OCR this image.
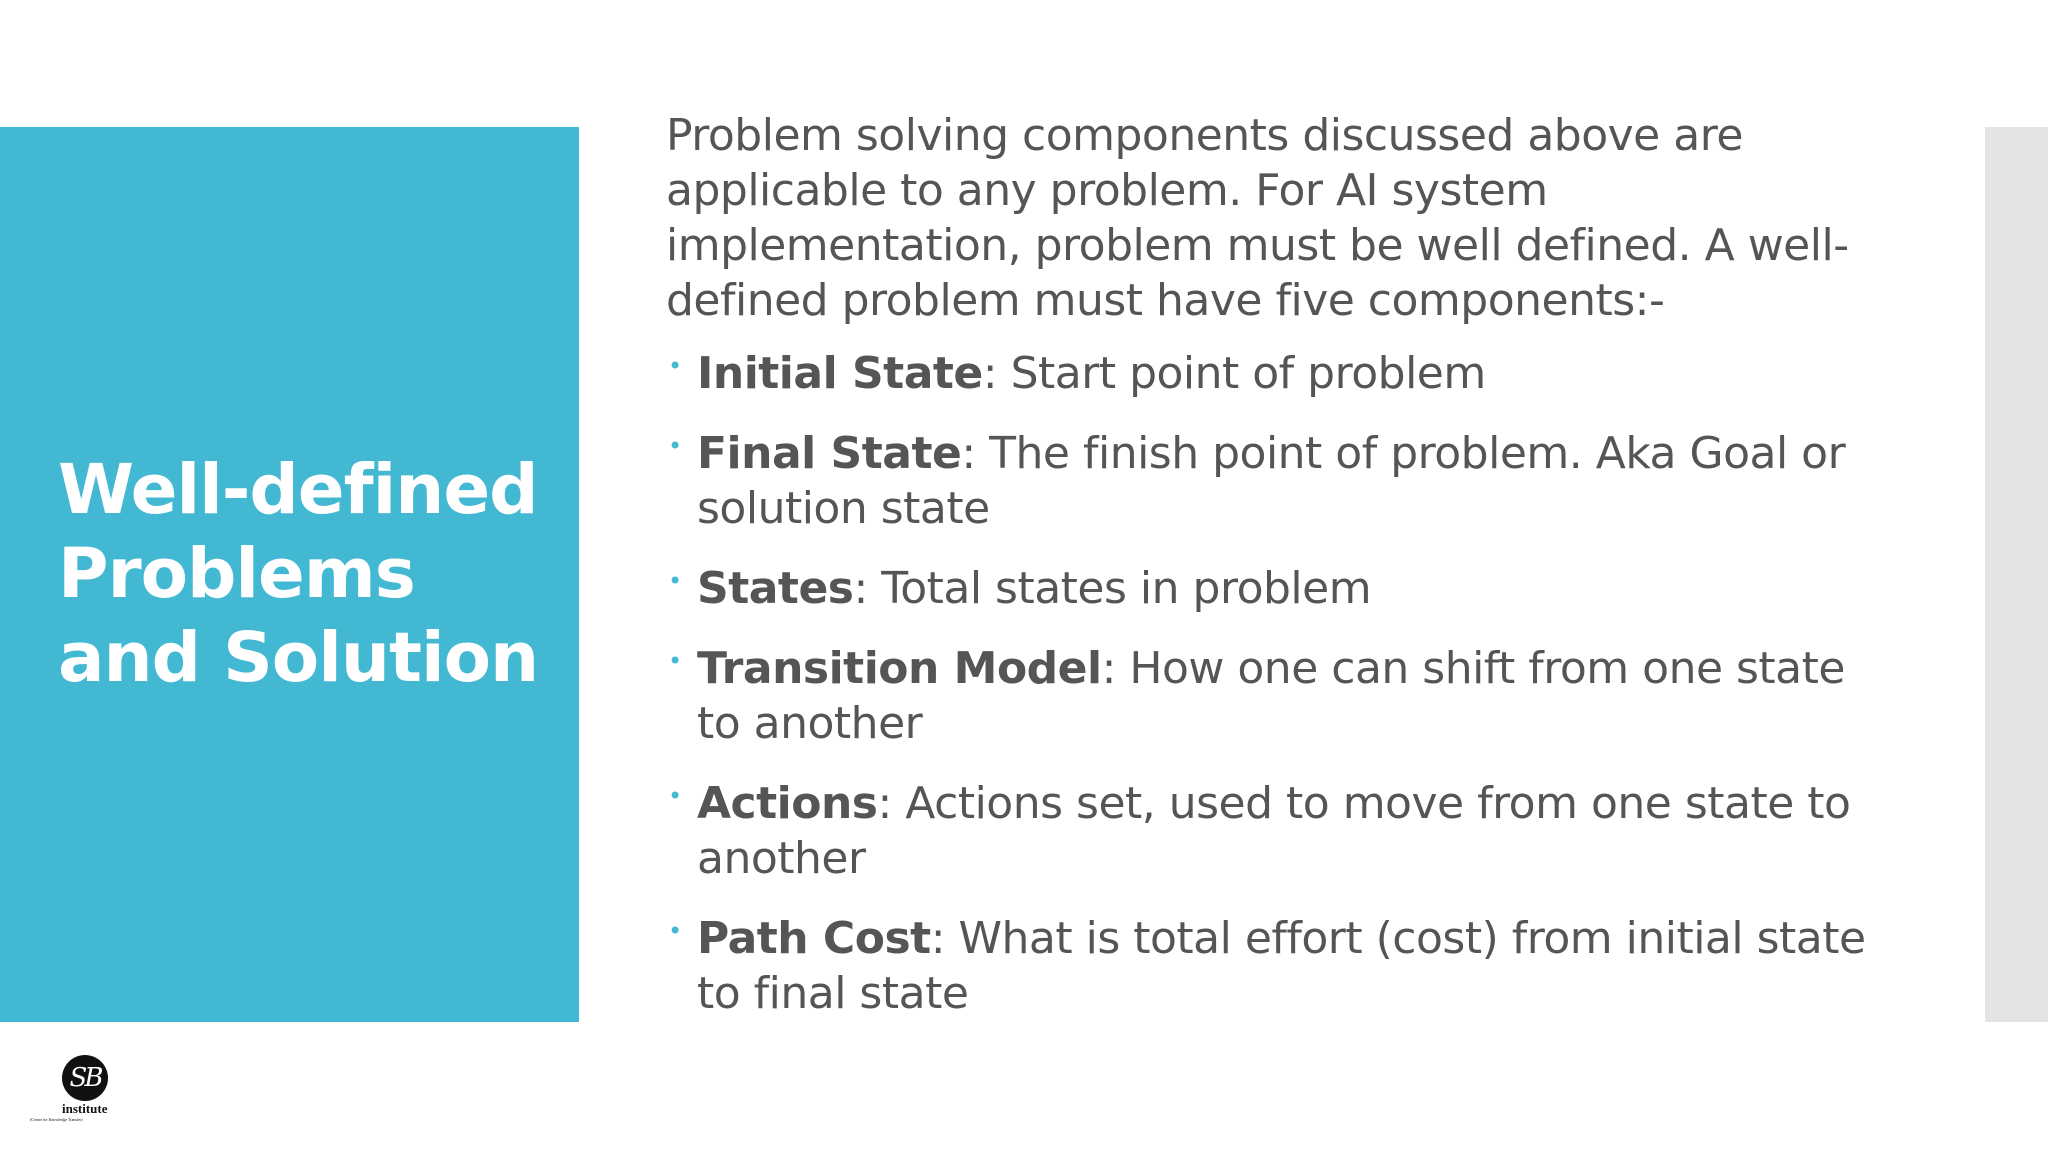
Well-defined Problems and Solution

Problem solving components discussed above are applicable to any problem. For AI system implementation, problem must be well defined. A well-defined problem must have five components:-

• Initial State: Start point of problem
• Final State: The finish point of problem. Aka Goal or solution state
• States: Total states in problem
• Transition Model: How one can shift from one state to another
• Actions: Actions set, used to move from one state to another
• Path Cost: What is total effort (cost) from initial state to final state
SB
institute
(Centre for Knowledge Transfer)
